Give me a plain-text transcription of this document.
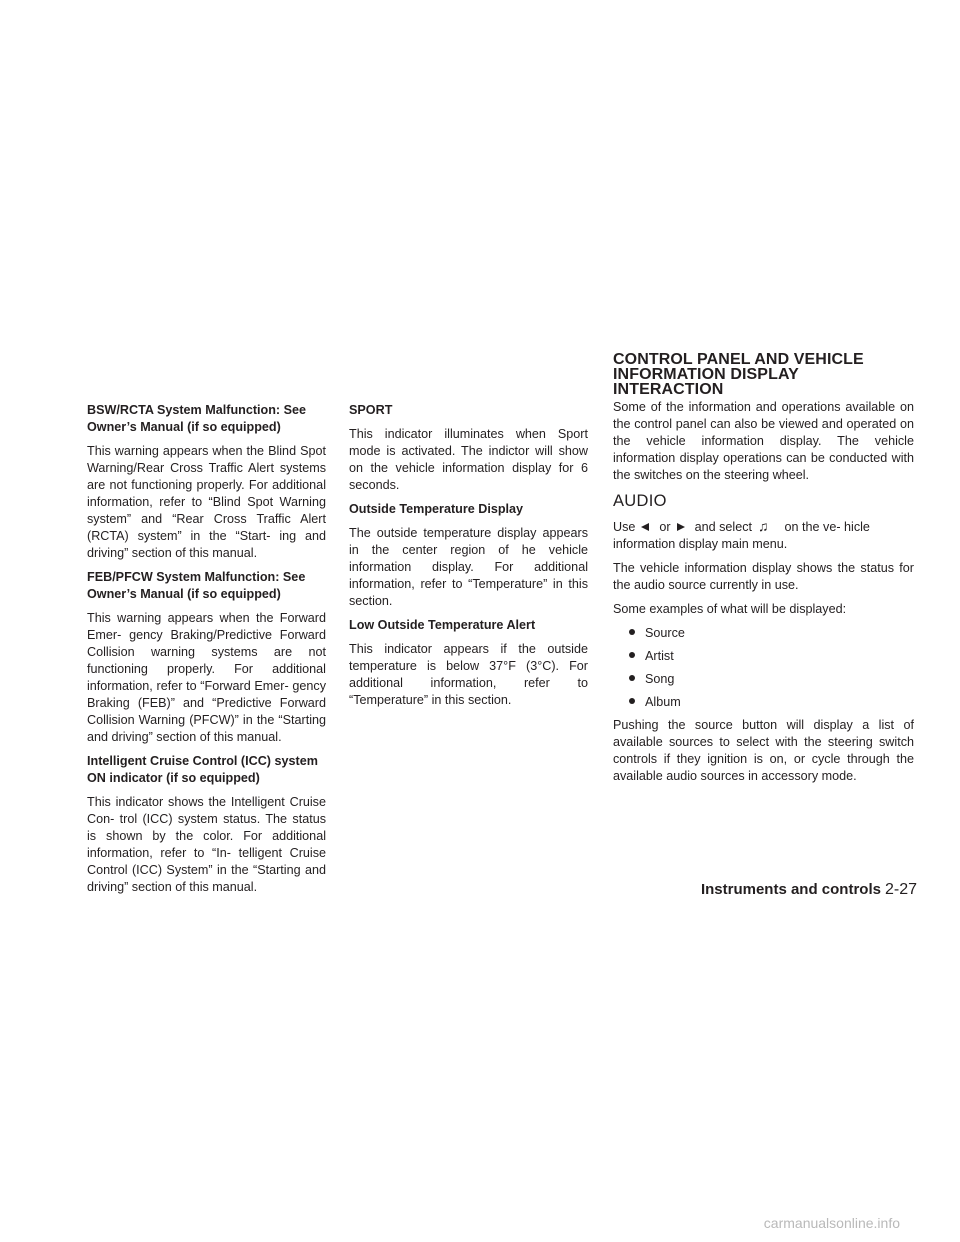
BSW/RCTA System Malfunction: See Owner’s Manual (if so equipped)

This warning appears when the Blind Spot Warning/Rear Cross Traffic Alert systems are not functioning properly. For additional information, refer to “Blind Spot Warning system” and “Rear Cross Traffic Alert (RCTA) system” in the “Start- ing and driving” section of this manual.

FEB/PFCW System Malfunction: See Owner’s Manual (if so equipped)

This warning appears when the Forward Emer- gency Braking/Predictive Forward Collision warning systems are not functioning properly. For additional information, refer to “Forward Emer- gency Braking (FEB)” and “Predictive Forward Collision Warning (PFCW)” in the “Starting and driving” section of this manual.

Intelligent Cruise Control (ICC) system ON indicator (if so equipped)

This indicator shows the Intelligent Cruise Con- trol (ICC) system status. The status is shown by the color. For additional information, refer to “In- telligent Cruise Control (ICC) System” in the “Starting and driving” section of this manual.

SPORT

This indicator illuminates when Sport mode is activated. The indictor will show on the vehicle information display for 6 seconds.

Outside Temperature Display

The outside temperature display appears in the center region of he vehicle information display. For additional information, refer to “Temperature” in this section.

Low Outside Temperature Alert

This indicator appears if the outside temperature is below 37°F (3°C). For additional information, refer to “Temperature” in this section.

CONTROL PANEL AND VEHICLE
INFORMATION DISPLAY
INTERACTION

Some of the information and operations available on the control panel can also be viewed and operated on the vehicle information display. The vehicle information display operations can be conducted with the switches on the steering wheel.

AUDIO

Use or and select ♫ on the ve- hicle information display main menu.

The vehicle information display shows the status for the audio source currently in use.

Some examples of what will be displayed:

Source
Artist
Song
Album

Pushing the source button will display a list of available sources to select with the steering switch controls if they ignition is on, or cycle through the available audio sources in accessory mode.

Instruments and controls 2-27
carmanualsonline.info
